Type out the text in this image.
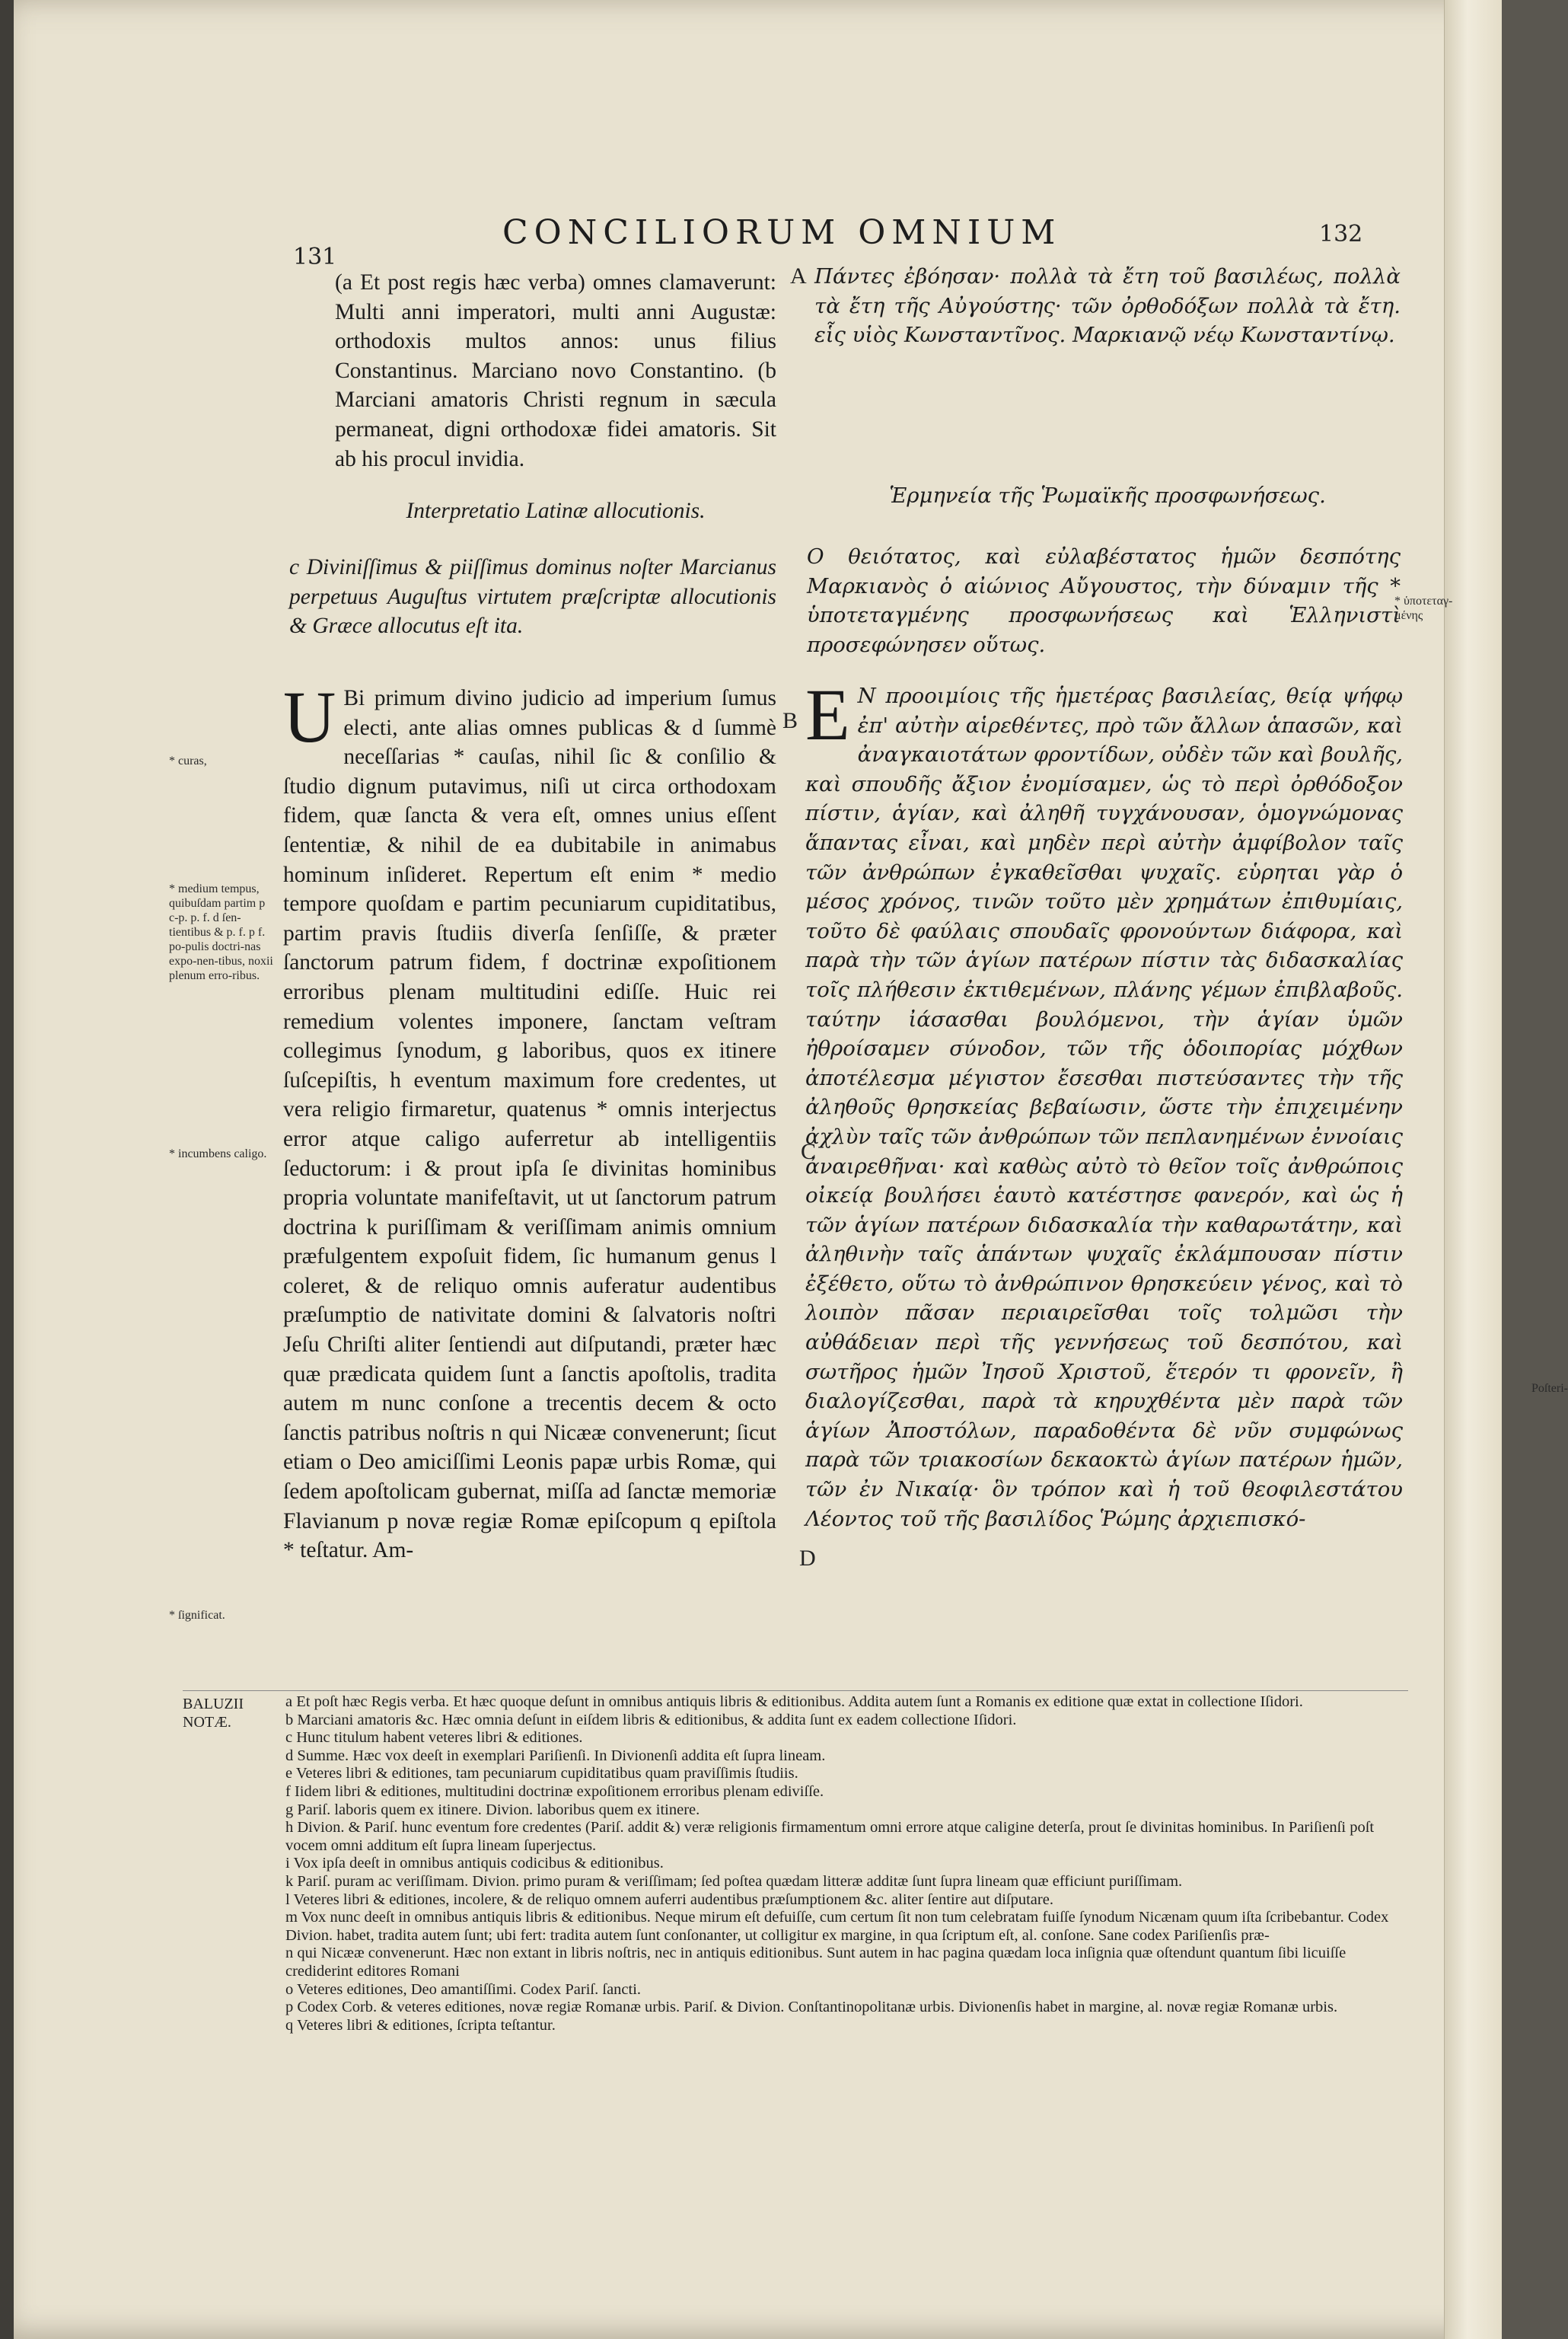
131
CONCILIORUM OMNIUM	132
(a Et post regis hæc verba) omnes clamaverunt: Multi anni imperatori, multi anni Augustæ: orthodoxis multos annos: unus filius Constantinus. Marciano novo Constantino. (b Marciani amatoris Christi regnum in sæcula permaneat, digni orthodoxæ fidei amatoris. Sit ab his procul invidia.
A Πάντες ἐβόησαν· πολλὰ τὰ ἔτη τοῦ βασιλέως, πολλὰ τὰ ἔτη τῆς Αὐγούστης· τῶν ὀρθοδόξων πολλὰ τὰ ἔτη. εἷς υἱὸς Κωνσταντῖνος. Μαρκιανῷ νέῳ Κωνσταντίνῳ.
Interpretatio Latinæ allocutionis.
Ἑρμηνεία τῆς Ῥωμαϊκῆς προσφωνήσεως.
c Diviniſſimus & piiſſimus dominus noſter Marcianus perpetuus Auguſtus virtutem præſcriptæ allocutionis & Græce allocutus eſt ita.
Ο θειότατος, καὶ εὐλαβέστατος ἡμῶν δεσπότης Μαρκιανὸς ὁ αἰώνιος Αὔγουστος, τὴν δύναμιν τῆς * ὑποτεταγμένης προσφωνήσεως καὶ Ἑλληνιστὶ προσεφώνησεν οὕτως.
* ὑποτεταγ-μένης
U Bi primum divino judicio ad imperium ſumus electi, ante alias omnes publicas & d ſummè neceſſarias * cauſas, nihil ſic & conſilio & ſtudio dignum putavimus, niſi ut circa orthodoxam fidem, quæ ſancta & vera eſt, omnes unius eſſent ſententiæ, & nihil de ea dubitabile in animabus hominum inſideret. Repertum eſt enim * medio tempore quoſdam e partim pecuniarum cupiditatibus, partim pravis ſtudiis diverſa ſenſiſſe, & præter ſanctorum patrum fidem, f doctrinæ expoſitionem erroribus plenam multitudini ediſſe. Huic rei remedium volentes imponere, ſanctam veſtram collegimus ſynodum, g laboribus, quos ex itinere ſuſcepiſtis, h eventum maximum fore credentes, ut vera religio firmaretur, quatenus * omnis interjectus error atque caligo auferretur ab intelligentiis ſeductorum: i & prout ipſa ſe divinitas hominibus propria voluntate manifeſtavit, ut ut ſanctorum patrum doctrina k puriſſimam & veriſſimam animis omnium præfulgentem expoſuit fidem, ſic humanum genus l coleret, & de reliquo omnis auferatur audentibus præſumptio de nativitate domini & ſalvatoris noſtri Jeſu Chriſti aliter ſentiendi aut diſputandi, præter hæc quæ prædicata quidem ſunt a ſanctis apoſtolis, tradita autem m nunc conſone a trecentis decem & octo ſanctis patribus noſtris n qui Nicææ convenerunt; ſicut etiam o Deo amiciſſimi Leonis papæ urbis Romæ, qui ſedem apoſtolicam gubernat, miſſa ad ſanctæ memoriæ Flavianum p novæ regiæ Romæ epiſcopum q epiſtola * teſtatur. Am-
B Ε Ν προοιμίοις τῆς ἡμετέρας βασιλείας, θείᾳ ψήφῳ ἐπ' αὐτὴν αἱρεθέντες, πρὸ τῶν ἄλλων ἁπασῶν, καὶ ἀναγκαιοτάτων φροντίδων, οὐδὲν τῶν καὶ βουλῆς, καὶ σπουδῆς ἄξιον ἐνομίσαμεν, ὡς τὸ περὶ ὀρθόδοξον πίστιν, ἁγίαν, καὶ ἀληθῆ τυγχάνουσαν, ὁμογνώμονας ἅπαντας εἶναι, καὶ μηδὲν περὶ αὐτὴν ἀμφίβολον ταῖς τῶν ἀνθρώπων ἐγκαθεῖσθαι ψυχαῖς. εὑρηται γὰρ ὁ μέσος χρόνος, τινῶν τοῦτο μὲν χρημάτων ἐπιθυμίαις, τοῦτο δὲ φαύλαις σπουδαῖς φρονούντων διάφορα, καὶ παρὰ τὴν τῶν ἁγίων πατέρων πίστιν τὰς διδασκαλίας τοῖς πλήθεσιν ἐκτιθεμένων, πλάνης γέμων ἐπιβλαβοῦς. ταύτην ἰάσασθαι βουλόμενοι, τὴν ἁγίαν ὑμῶν ἠθροίσαμεν σύνοδον, τῶν τῆς ὁδοιπορίας μόχθων ἀποτέλεσμα μέγιστον ἔσεσθαι πιστεύσαντες τὴν τῆς ἀληθοῦς θρησκείας βεβαίωσιν, ὥστε τὴν ἐπιχειμένην ἀχλὺν ταῖς τῶν ἀνθρώπων τῶν πεπλανημένων ἐννοίαις ἀναιρεθῆναι· καὶ καθὼς αὐτὸ τὸ θεῖον τοῖς ἀνθρώποις οἰκείᾳ βουλήσει ἑαυτὸ κατέστησε φανερόν, καὶ ὡς ἡ τῶν ἁγίων πατέρων διδασκαλία τὴν καθαρωτάτην, καὶ ἀληθινὴν ταῖς ἁπάντων ψυχαῖς ἐκλάμπουσαν πίστιν ἐξέθετο, οὕτω τὸ ἀνθρώπινον θρησκεύειν γένος, καὶ τὸ λοιπὸν πᾶσαν περιαιρεῖσθαι τοῖς τολμῶσι τὴν αὐθάδειαν περὶ τῆς γεννήσεως τοῦ δεσπότου, καὶ σωτῆρος ἡμῶν Ἰησοῦ Χριστοῦ, ἕτερόν τι φρονεῖν, ἢ διαλογίζεσθαι, παρὰ τὰ κηρυχθέντα μὲν παρὰ τῶν ἁγίων Ἀποστόλων, παραδοθέντα δὲ νῦν συμφώνως παρὰ τῶν τριακοσίων δεκαοκτὼ ἁγίων πατέρων ἡμῶν, τῶν ἐν Νικαίᾳ· ὃν τρόπον καὶ ἡ τοῦ θεοφιλεστάτου Λέοντος τοῦ τῆς βασιλίδος Ῥώμης ἀρχιεπισκό-
C
D
Poſteri-
* curas,
* medium tempus, quibuſdam partim p c-p. p. f. d ſen-tientibus & p. f. p f. po-pulis doctri-nas expo-nen-tibus, noxii plenum erro-ribus.
* incumbens caligo.
* ſignificat.
BALUZII NOTÆ.
a Et poſt hæc Regis verba. Et hæc quoque deſunt in omnibus antiquis libris & editionibus. Addita autem ſunt a Romanis ex editione quæ extat in collectione Iſidori.
b Marciani amatoris &c. Hæc omnia deſunt in eiſdem libris & editionibus, & addita ſunt ex eadem collectione Iſidori.
c Hunc titulum habent veteres libri & editiones.
d Summe. Hæc vox deeſt in exemplari Pariſienſi. In Divionenſi addita eſt ſupra lineam.
e Veteres libri & editiones, tam pecuniarum cupiditatibus quam praviſſimis ſtudiis.
f Iidem libri & editiones, multitudini doctrinæ expoſitionem erroribus plenam ediviſſe.
g Pariſ. laboris quem ex itinere. Divion. laboribus quem ex itinere.
h Divion. & Pariſ. hunc eventum fore credentes (Pariſ. addit &) veræ religionis firmamentum omni errore atque caligine deterſa, prout ſe divinitas hominibus. In Pariſienſi poſt vocem omni additum eſt ſupra lineam ſuperjectus.
i Vox ipſa deeſt in omnibus antiquis codicibus & editionibus.
k Pariſ. puram ac veriſſimam. Divion. primo puram & veriſſimam; ſed poſtea quædam litteræ additæ ſunt ſupra lineam quæ efficiunt puriſſimam.
l Veteres libri & editiones, incolere, & de reliquo omnem auferri audentibus præſumptionem &c. aliter ſentire aut diſputare.
m Vox nunc deeſt in omnibus antiquis libris & editionibus. Neque mirum eſt defuiſſe, cum certum ſit non tum celebratam fuiſſe ſynodum Nicænam quum iſta ſcribebantur. Codex Divion. habet, tradita autem ſunt; ubi fert: tradita autem ſunt conſonanter, ut colligitur ex margine, in qua ſcriptum eſt, al. conſone. Sane codex Pariſienſis præ-
n qui Nicææ convenerunt. Hæc non extant in libris noſtris, nec in antiquis editionibus. Sunt autem in hac pagina quædam loca inſignia quæ oſtendunt quantum ſibi licuiſſe crediderint editores Romani
o Veteres editiones, Deo amantiſſimi. Codex Pariſ. ſancti.
p Codex Corb. & veteres editiones, novæ regiæ Romanæ urbis. Pariſ. & Divion. Conſtantinopolitanæ urbis. Divionenſis habet in margine, al. novæ regiæ Romanæ urbis.
q Veteres libri & editiones, ſcripta teſtantur.
